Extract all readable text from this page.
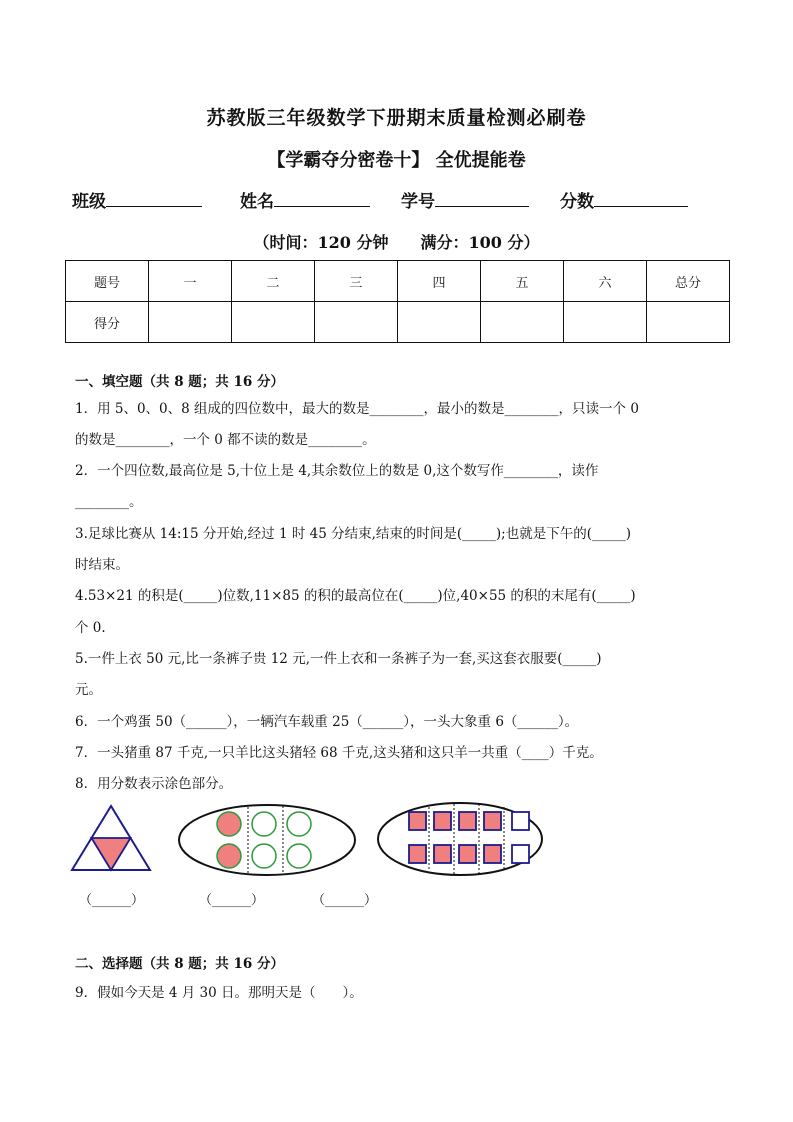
苏教版三年级数学下册期末质量检测必刷卷
【学霸夺分密卷十】 全优提能卷
班级	姓名	学号	分数
（时间：120 分钟　　满分：100 分）
题号	一	二	三	四	五	六	总分
得分							
一、填空题（共 8 题；共 16 分）
1．用 5、0、0、8 组成的四位数中，最大的数是________，最小的数是________，只读一个 0
的数是________，一个 0 都不读的数是________。
2．一个四位数,最高位是 5,十位上是 4,其余数位上的数是 0,这个数写作________，读作
________。
3.足球比赛从 14:15 分开始,经过 1 时 45 分结束,结束的时间是(_____);也就是下午的(_____)
时结束。
4.53×21 的积是(_____)位数,11×85 的积的最高位在(_____)位,40×55 的积的末尾有(_____)
个 0.
5.一件上衣 50 元,比一条裤子贵 12 元,一件上衣和一条裤子为一套,买这套衣服要(_____)
元。
6．一个鸡蛋 50（______），一辆汽车载重 25（______），一头大象重 6（______）。
7．一头猪重 87 千克,一只羊比这头猪轻 68 千克,这头猪和这只羊一共重（____）千克。
8．用分数表示涂色部分。
（______）	（______）	（______）
二、选择题（共 8 题；共 16 分）
9．假如今天是 4 月 30 日。那明天是（　　）。
